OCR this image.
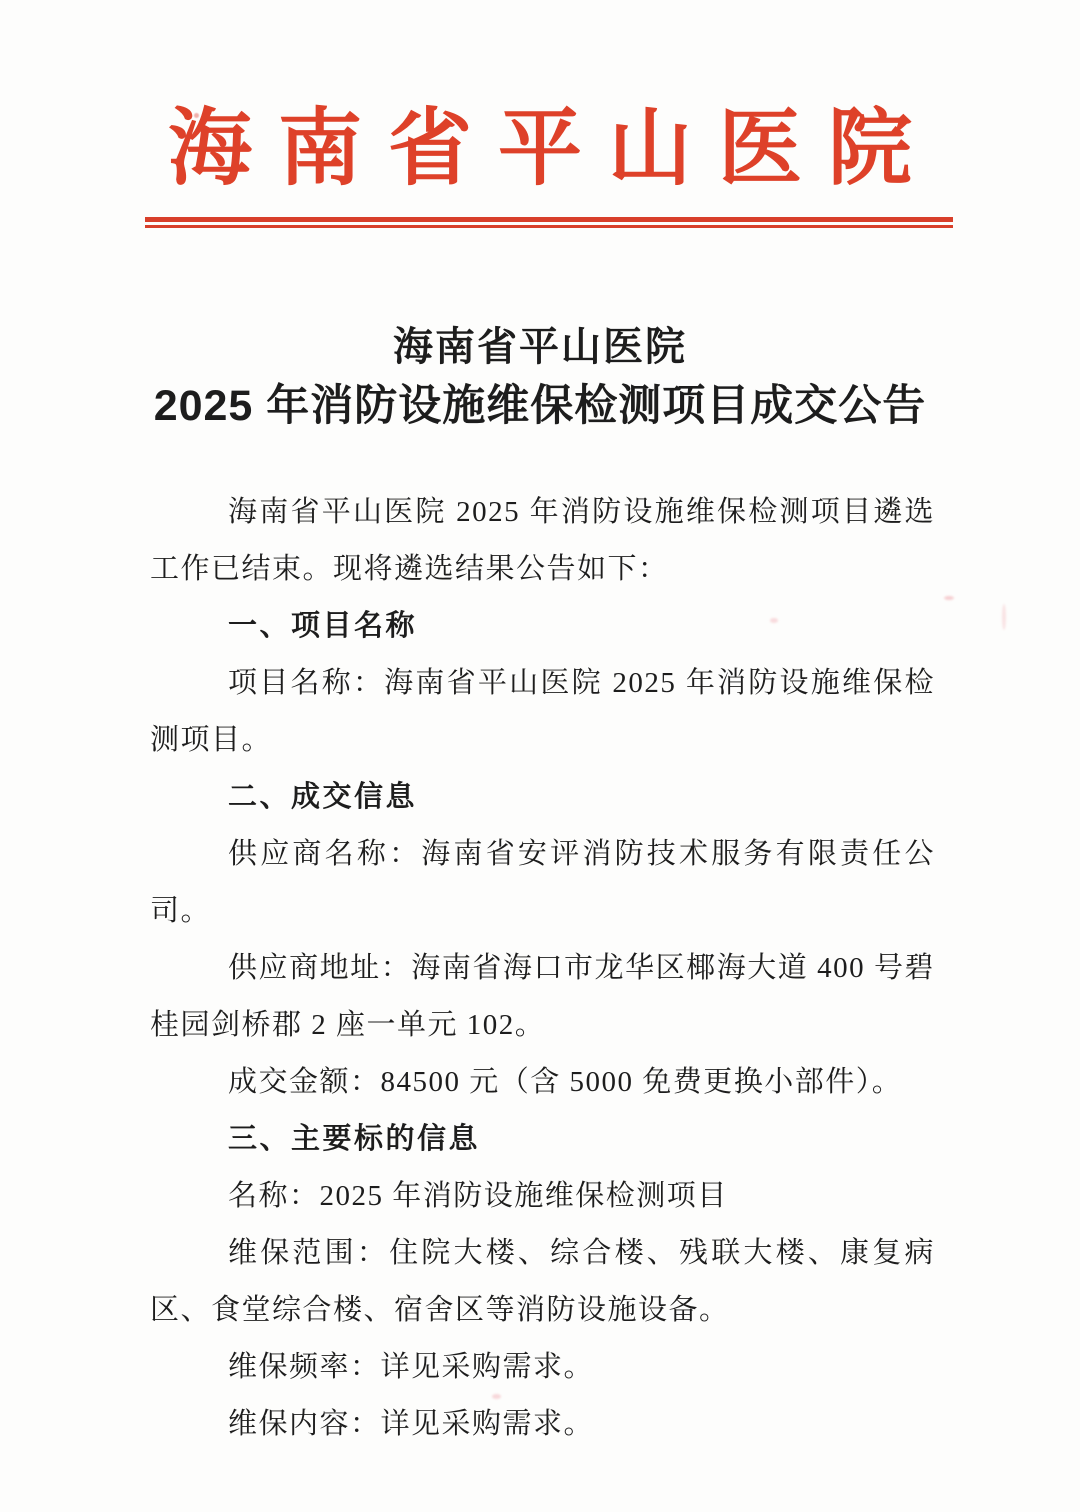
海南省平山医院
海南省平山医院
2025 年消防设施维保检测项目成交公告

海南省平山医院 2025 年消防设施维保检测项目遴选工作已结束。现将遴选结果公告如下：

一、项目名称

项目名称：海南省平山医院 2025 年消防设施维保检测项目。

二、成交信息

供应商名称：海南省安评消防技术服务有限责任公司。

供应商地址：海南省海口市龙华区椰海大道 400 号碧桂园剑桥郡 2 座一单元 102。

成交金额：84500 元（含 5000 免费更换小部件）。

三、主要标的信息

名称：2025 年消防设施维保检测项目

维保范围：住院大楼、综合楼、残联大楼、康复病区、食堂综合楼、宿舍区等消防设施设备。

维保频率：详见采购需求。

维保内容：详见采购需求。
